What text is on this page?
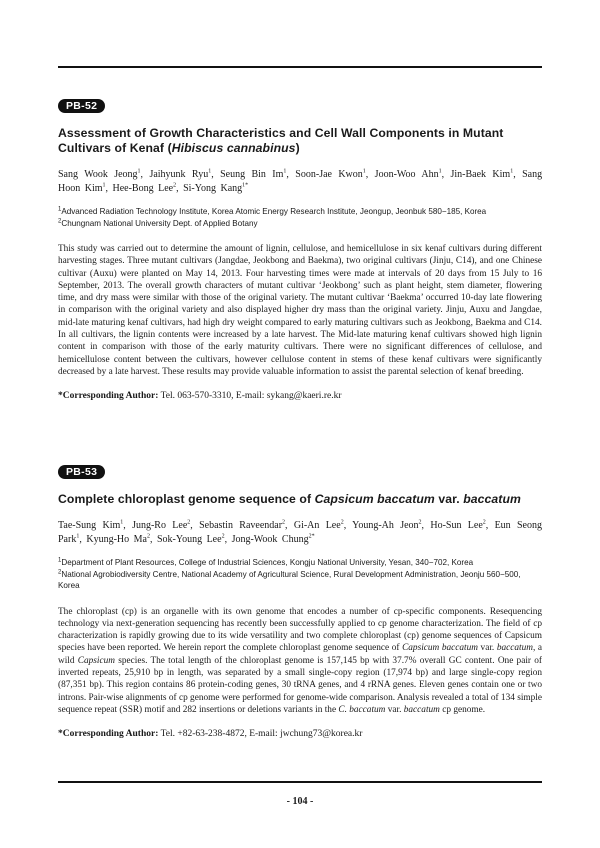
PB-52
Assessment of Growth Characteristics and Cell Wall Components in Mutant Cultivars of Kenaf (Hibiscus cannabinus)
Sang Wook Jeong$^1$, Jaihyunk Ryu$^1$, Seung Bin Im$^1$, Soon-Jae Kwon$^1$, Joon-Woo Ahn$^1$, Jin-Baek Kim$^1$, Sang Hoon Kim$^1$, Hee-Bong Lee$^2$, Si-Yong Kang$^{1*}$
$^1$Advanced Radiation Technology Institute, Korea Atomic Energy Research Institute, Jeongup, Jeonbuk 580−185, Korea
$^2$Chungnam National University Dept. of Applied Botany
This study was carried out to determine the amount of lignin, cellulose, and hemicellulose in six kenaf cultivars during different harvesting stages. Three mutant cultivars (Jangdae, Jeokbong and Baekma), two original cultivars (Jinju, C14), and one Chinese cultivar (Auxu) were planted on May 14, 2013. Four harvesting times were made at intervals of 20 days from 15 July to 16 September, 2013. The overall growth characters of mutant cultivar ‘Jeokbong’ such as plant height, stem diameter, flowering time, and dry mass were similar with those of the original variety. The mutant cultivar ‘Baekma’ occurred 10-day late flowering in comparison with the original variety and also displayed higher dry mass than the original variety. Jinju, Auxu and Jangdae, mid-late maturing kenaf cultivars, had high dry weight compared to early maturing cultivars such as Jeokbong, Baekma and C14. In all cultivars, the lignin contents were increased by a late harvest. The Mid-late maturing kenaf cultivars showed high lignin content in comparison with those of the early maturity cultivars. There were no significant differences of cellulose, and hemicellulose content between the cultivars, however cellulose content in stems of these kenaf cultivars were significantly decreased by a late harvest. These results may provide valuable information to assist the parental selection of kenaf breeding.
*Corresponding Author: Tel. 063-570-3310, E-mail: sykang@kaeri.re.kr
PB-53
Complete chloroplast genome sequence of Capsicum baccatum var. baccatum
Tae-Sung Kim$^1$, Jung-Ro Lee$^2$, Sebastin Raveendar$^2$, Gi-An Lee$^2$, Young-Ah Jeon$^2$, Ho-Sun Lee$^2$, Eun Seong Park$^1$, Kyung-Ho Ma$^2$, Sok-Young Lee$^2$, Jong-Wook Chung$^{2*}$
$^1$Department of Plant Resources, College of Industrial Sciences, Kongju National University, Yesan, 340−702, Korea
$^2$National Agrobiodiversity Centre, National Academy of Agricultural Science, Rural Development Administration, Jeonju 560−500, Korea
The chloroplast (cp) is an organelle with its own genome that encodes a number of cp-specific components. Resequencing technology via next-generation sequencing has recently been successfully applied to cp genome characterization. The field of cp characterization is rapidly growing due to its wide versatility and two complete chloroplast (cp) genome sequences of Capsicum species have been reported. We herein report the complete chloroplast genome sequence of Capsicum baccatum var. baccatum, a wild Capsicum species. The total length of the chloroplast genome is 157,145 bp with 37.7% overall GC content. One pair of inverted repeats, 25,910 bp in length, was separated by a small single-copy region (17,974 bp) and large single-copy region (87,351 bp). This region contains 86 protein-coding genes, 30 tRNA genes, and 4 rRNA genes. Eleven genes contain one or two introns. Pair-wise alignments of cp genome were performed for genome-wide comparison. Analysis revealed a total of 134 simple sequence repeat (SSR) motif and 282 insertions or deletions variants in the C. baccatum var. baccatum cp genome.
*Corresponding Author: Tel. +82-63-238-4872, E-mail: jwchung73@korea.kr
- 104 -
